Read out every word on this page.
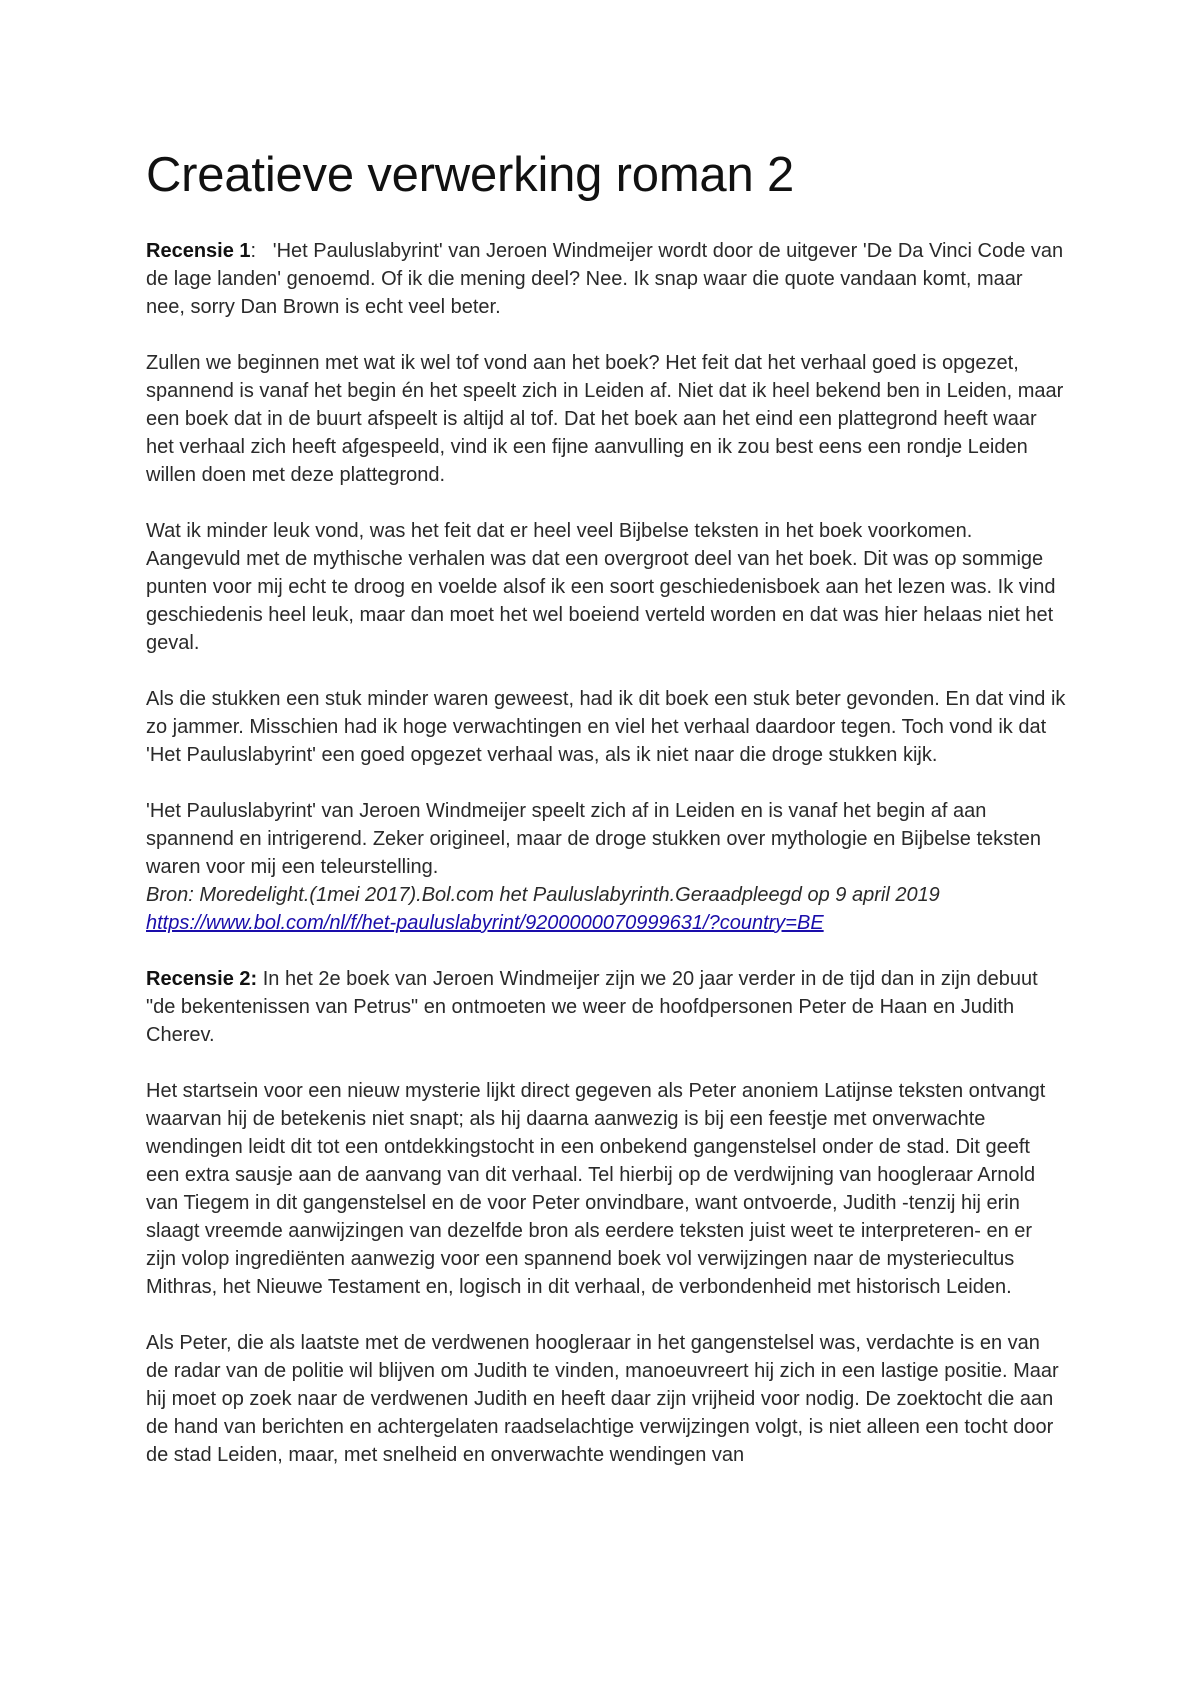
Creatieve verwerking roman 2

Recensie 1:   'Het Pauluslabyrint' van Jeroen Windmeijer wordt door de uitgever 'De Da Vinci Code van de lage landen' genoemd. Of ik die mening deel? Nee. Ik snap waar die quote vandaan komt, maar nee, sorry Dan Brown is echt veel beter.

Zullen we beginnen met wat ik wel tof vond aan het boek? Het feit dat het verhaal goed is opgezet, spannend is vanaf het begin én het speelt zich in Leiden af. Niet dat ik heel bekend ben in Leiden, maar een boek dat in de buurt afspeelt is altijd al tof. Dat het boek aan het eind een plattegrond heeft waar het verhaal zich heeft afgespeeld, vind ik een fijne aanvulling en ik zou best eens een rondje Leiden willen doen met deze plattegrond.

Wat ik minder leuk vond, was het feit dat er heel veel Bijbelse teksten in het boek voorkomen. Aangevuld met de mythische verhalen was dat een overgroot deel van het boek. Dit was op sommige punten voor mij echt te droog en voelde alsof ik een soort geschiedenisboek aan het lezen was. Ik vind geschiedenis heel leuk, maar dan moet het wel boeiend verteld worden en dat was hier helaas niet het geval.

Als die stukken een stuk minder waren geweest, had ik dit boek een stuk beter gevonden. En dat vind ik zo jammer. Misschien had ik hoge verwachtingen en viel het verhaal daardoor tegen. Toch vond ik dat 'Het Pauluslabyrint' een goed opgezet verhaal was, als ik niet naar die droge stukken kijk.

'Het Pauluslabyrint' van Jeroen Windmeijer speelt zich af in Leiden en is vanaf het begin af aan spannend en intrigerend. Zeker origineel, maar de droge stukken over mythologie en Bijbelse teksten waren voor mij een teleurstelling.

Bron: Moredelight.(1mei 2017).Bol.com het Pauluslabyrinth.Geraadpleegd op 9 april 2019

https://www.bol.com/nl/f/het-pauluslabyrint/9200000070999631/?country=BE

Recensie 2: In het 2e boek van Jeroen Windmeijer zijn we 20 jaar verder in de tijd dan in zijn debuut "de bekentenissen van Petrus" en ontmoeten we weer de hoofdpersonen Peter de Haan en Judith Cherev.

Het startsein voor een nieuw mysterie lijkt direct gegeven als Peter anoniem Latijnse teksten ontvangt waarvan hij de betekenis niet snapt; als hij daarna aanwezig is bij een feestje met onverwachte wendingen leidt dit tot een ontdekkingstocht in een onbekend gangenstelsel onder de stad. Dit geeft een extra sausje aan de aanvang van dit verhaal. Tel hierbij op de verdwijning van hoogleraar Arnold van Tiegem in dit gangenstelsel en de voor Peter onvindbare, want ontvoerde, Judith -tenzij hij erin slaagt vreemde aanwijzingen van dezelfde bron als eerdere teksten juist weet te interpreteren- en er zijn volop ingrediënten aanwezig voor een spannend boek vol verwijzingen naar de mysteriecultus Mithras, het Nieuwe Testament en, logisch in dit verhaal, de verbondenheid met historisch Leiden.

Als Peter, die als laatste met de verdwenen hoogleraar in het gangenstelsel was, verdachte is en van de radar van de politie wil blijven om Judith te vinden, manoeuvreert hij zich in een lastige positie. Maar hij moet op zoek naar de verdwenen Judith en heeft daar zijn vrijheid voor nodig. De zoektocht die aan de hand van berichten en achtergelaten raadselachtige verwijzingen volgt, is niet alleen een tocht door de stad Leiden, maar, met snelheid en onverwachte wendingen van
